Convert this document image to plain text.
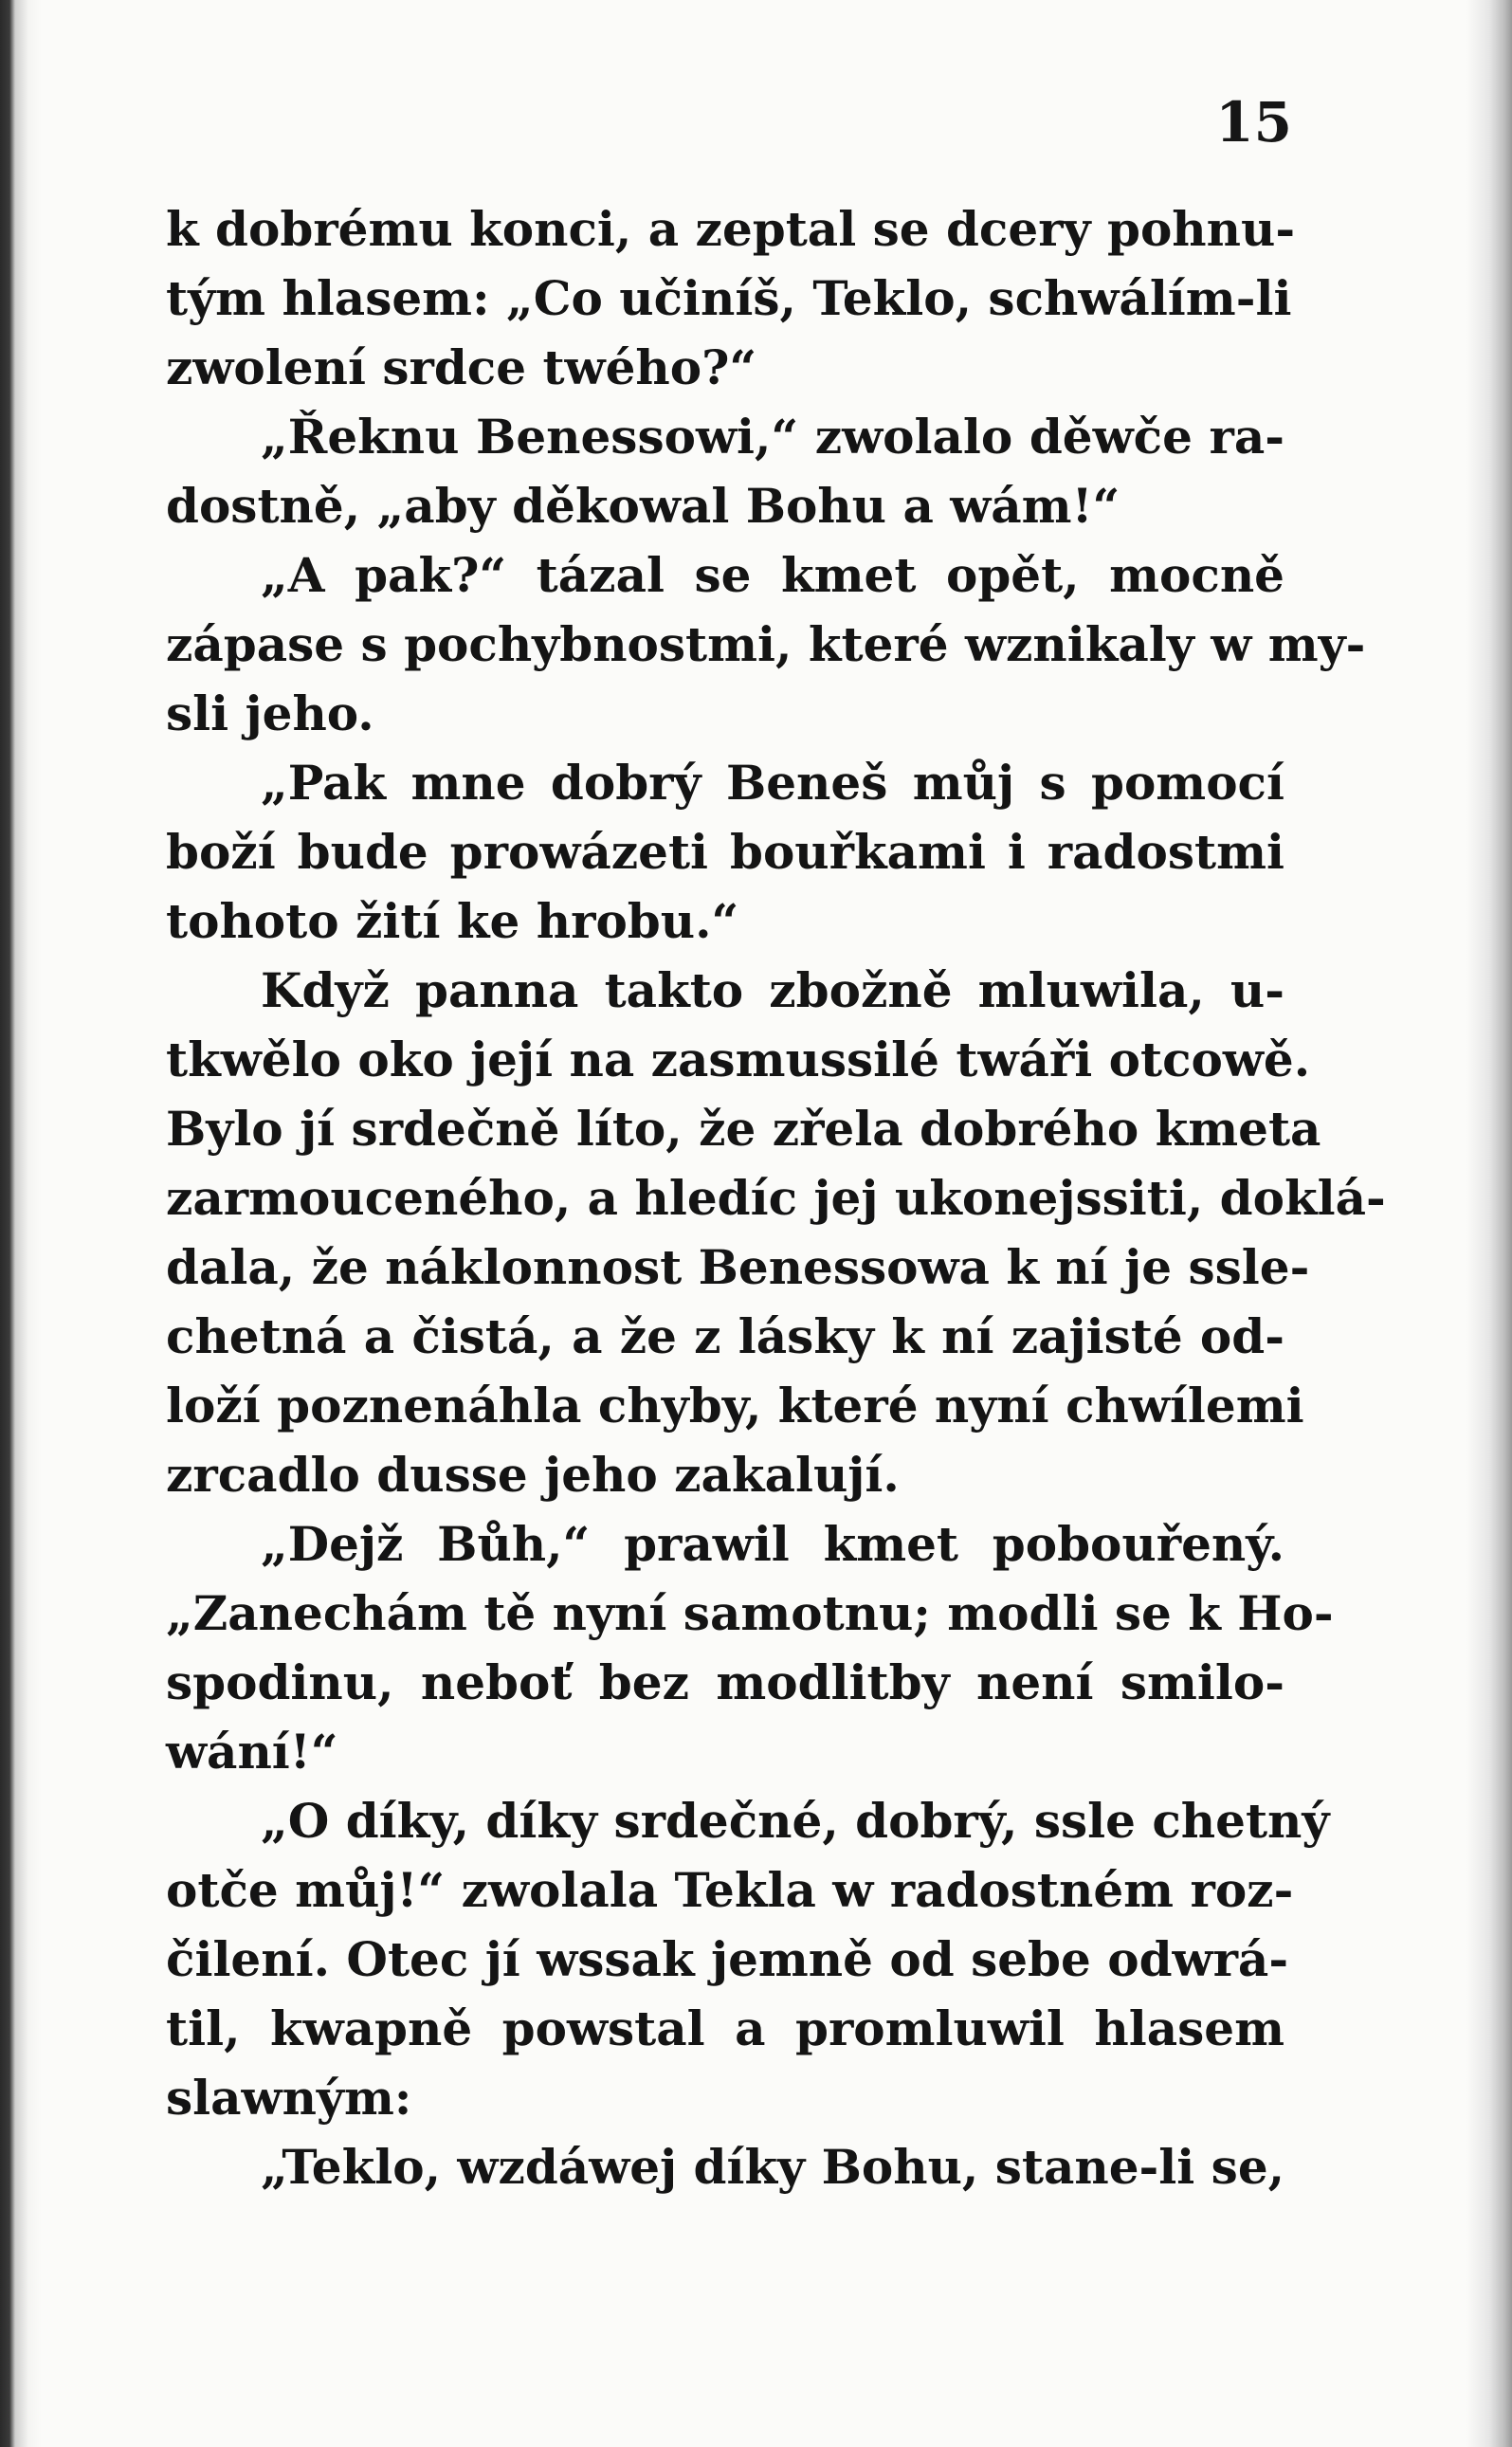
15
k dobrému konci, a zeptal se dcery pohnu-
tým hlasem: „Co učiníš, Teklo, schwálím-li
zwolení srdce twého?“
„Řeknu Benessowi,“ zwolalo děwče ra-
dostně, „aby děkowal Bohu a wám!“
„A pak?“ tázal se kmet opět, mocně
zápase s pochybnostmi, které wznikaly w my-
sli jeho.
„Pak mne dobrý Beneš můj s pomocí
boží bude prowázeti bouřkami i radostmi
tohoto žití ke hrobu.“
Když panna takto zbožně mluwila, u-
tkwělo oko její na zasmussilé twáři otcowě.
Bylo jí srdečně líto, že zřela dobrého kmeta
zarmouceného, a hledíc jej ukonejssiti, doklá-
dala, že náklonnost Benessowa k ní je ssle-
chetná a čistá, a že z lásky k ní zajisté od-
loží poznenáhla chyby, které nyní chwílemi
zrcadlo dusse jeho zakalují.
„Dejž Bůh,“ prawil kmet pobouřený.
„Zanechám tě nyní samotnu; modli se k Ho-
spodinu, neboť bez modlitby není smilo-
wání!“
„O díky, díky srdečné, dobrý, ssle chetný
otče můj!“ zwolala Tekla w radostném roz-
čilení. Otec jí wssak jemně od sebe odwrá-
til, kwapně powstal a promluwil hlasem
slawným:
„Teklo, wzdáwej díky Bohu, stane-li se,
